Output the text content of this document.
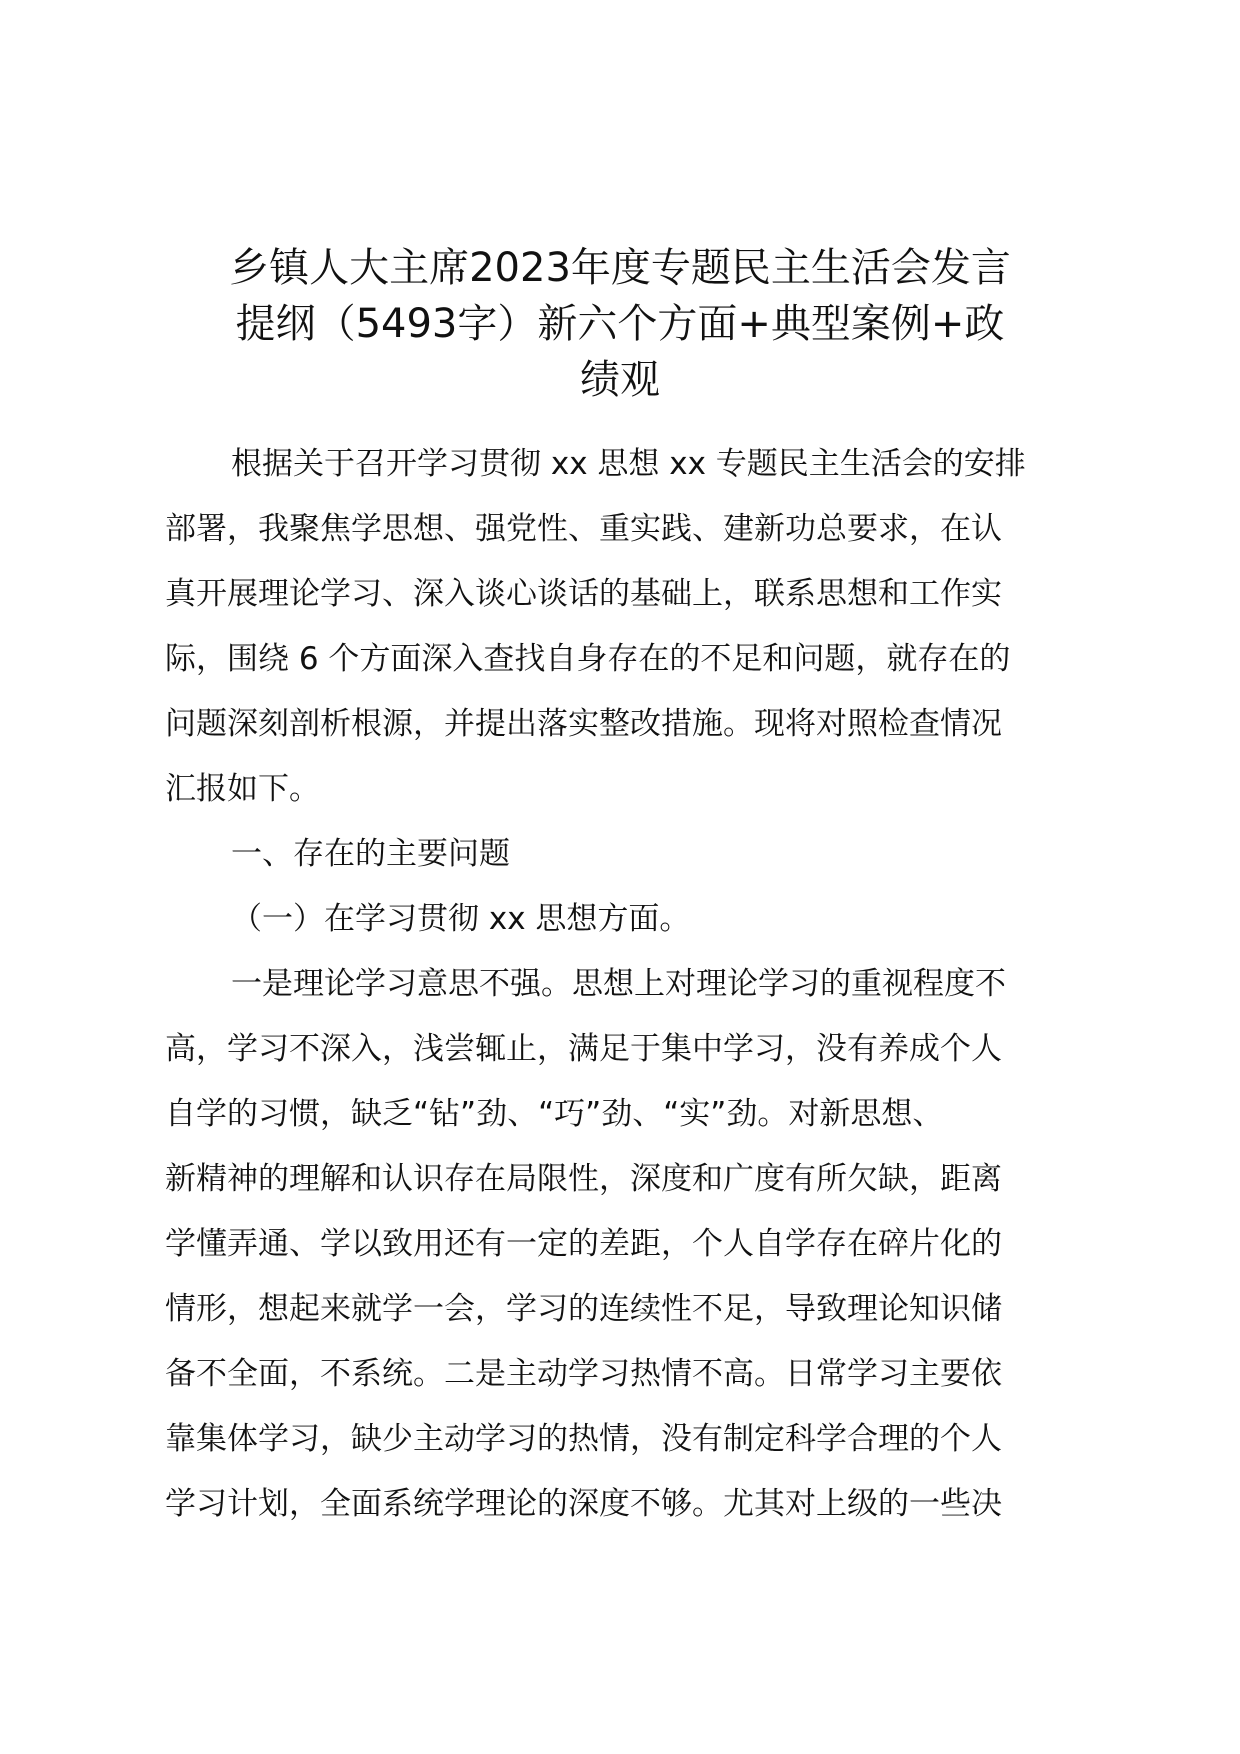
乡镇人大主席2023年度专题民主生活会发言
提纲（5493字）新六个方面+典型案例+政
绩观
根据关于召开学习贯彻 xx 思想 xx 专题民主生活会的安排
部署，我聚焦学思想、强党性、重实践、建新功总要求，在认
真开展理论学习、深入谈心谈话的基础上，联系思想和工作实
际，围绕 6 个方面深入查找自身存在的不足和问题，就存在的
问题深刻剖析根源，并提出落实整改措施。现将对照检查情况
汇报如下。
一、存在的主要问题
（一）在学习贯彻 xx 思想方面。
一是理论学习意思不强。思想上对理论学习的重视程度不
高，学习不深入，浅尝辄止，满足于集中学习，没有养成个人
自学的习惯，缺乏“钻”劲、“巧”劲、“实”劲。对新思想、
新精神的理解和认识存在局限性，深度和广度有所欠缺，距离
学懂弄通、学以致用还有一定的差距，个人自学存在碎片化的
情形，想起来就学一会，学习的连续性不足，导致理论知识储
备不全面，不系统。二是主动学习热情不高。日常学习主要依
靠集体学习，缺少主动学习的热情，没有制定科学合理的个人
学习计划，全面系统学理论的深度不够。尤其对上级的一些决
